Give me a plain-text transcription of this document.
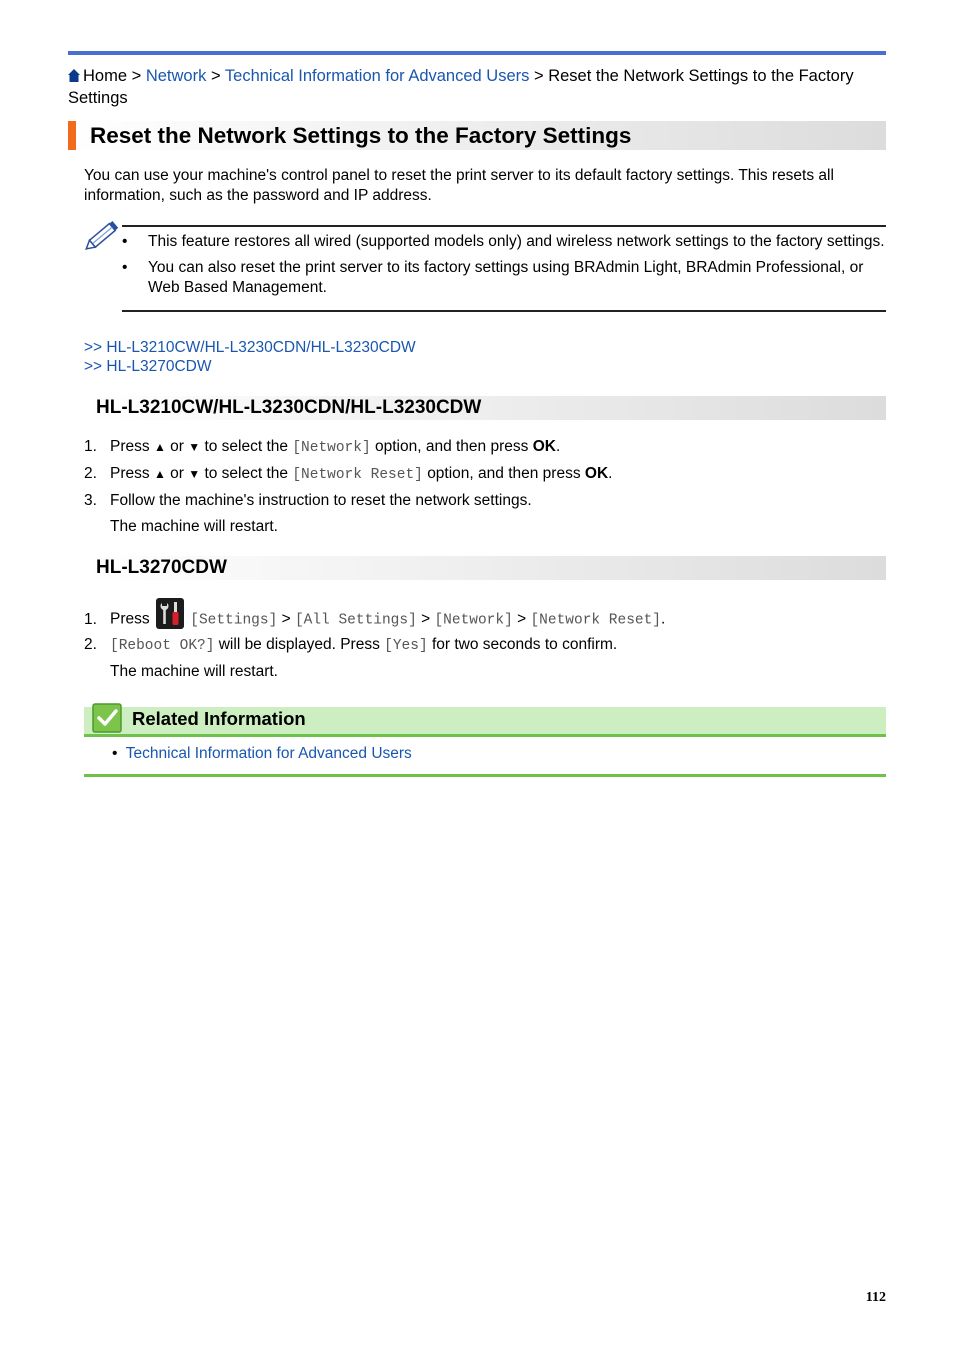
Home > Network > Technical Information for Advanced Users > Reset the Network Settings to the Factory Settings
Reset the Network Settings to the Factory Settings
You can use your machine's control panel to reset the print server to its default factory settings. This resets all information, such as the password and IP address.
• This feature restores all wired (supported models only) and wireless network settings to the factory settings.
• You can also reset the print server to its factory settings using BRAdmin Light, BRAdmin Professional, or Web Based Management.
>> HL-L3210CW/HL-L3230CDN/HL-L3230CDW
>> HL-L3270CDW
HL-L3210CW/HL-L3230CDN/HL-L3230CDW
1. Press ▲ or ▼ to select the [Network] option, and then press OK.
2. Press ▲ or ▼ to select the [Network Reset] option, and then press OK.
3. Follow the machine's instruction to reset the network settings.
The machine will restart.
HL-L3270CDW
1. Press	[Settings] > [All Settings] > [Network] > [Network Reset].
2. [Reboot OK?] will be displayed. Press [Yes] for two seconds to confirm.
The machine will restart.
Related Information
• Technical Information for Advanced Users
112
